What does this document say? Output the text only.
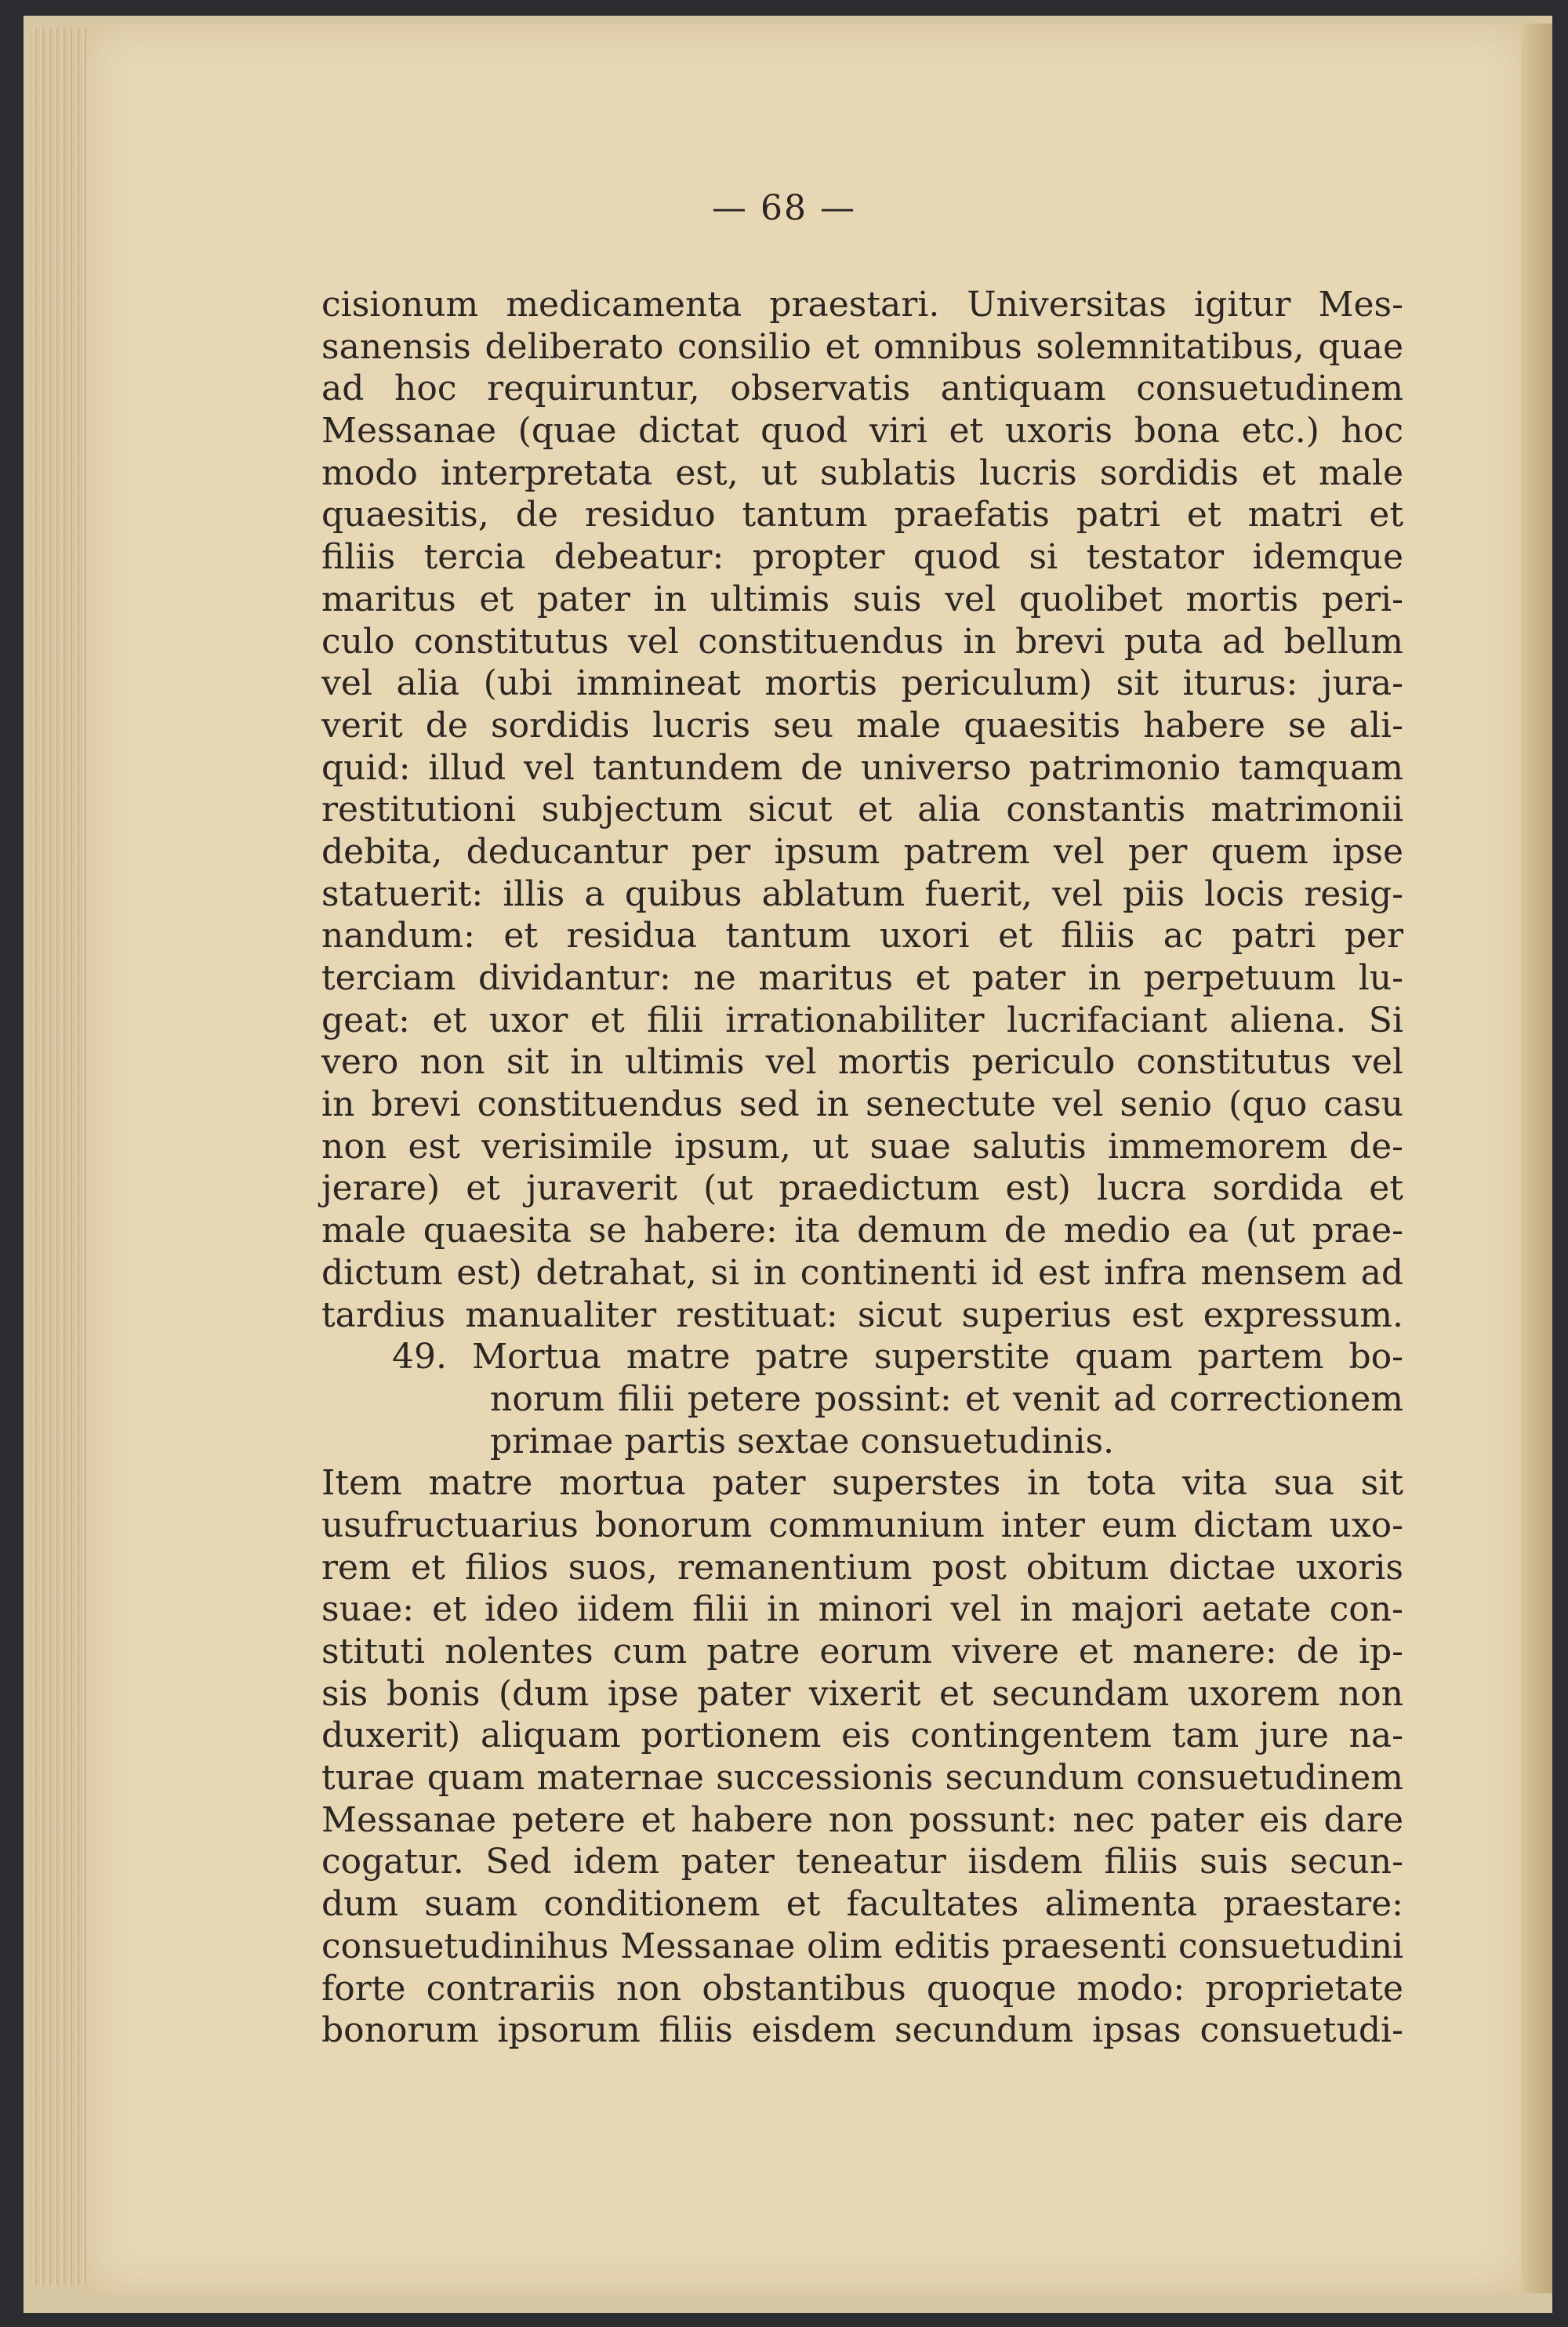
— 68 —
cisionum medicamenta praestari. Universitas igitur Mes-
sanensis deliberato consilio et omnibus solemnitatibus, quae
ad hoc requiruntur, observatis antiquam consuetudinem
Messanae (quae dictat quod viri et uxoris bona etc.) hoc
modo interpretata est, ut sublatis lucris sordidis et male
quaesitis, de residuo tantum praefatis patri et matri et
filiis tercia debeatur: propter quod si testator idemque
maritus et pater in ultimis suis vel quolibet mortis peri-
culo constitutus vel constituendus in brevi puta ad bellum
vel alia (ubi immineat mortis periculum) sit iturus: jura-
verit de sordidis lucris seu male quaesitis habere se ali-
quid: illud vel tantundem de universo patrimonio tamquam
restitutioni subjectum sicut et alia constantis matrimonii
debita, deducantur per ipsum patrem vel per quem ipse
statuerit: illis a quibus ablatum fuerit, vel piis locis resig-
nandum: et residua tantum uxori et filiis ac patri per
terciam dividantur: ne maritus et pater in perpetuum lu-
geat: et uxor et filii irrationabiliter lucrifaciant aliena. Si
vero non sit in ultimis vel mortis periculo constitutus vel
in brevi constituendus sed in senectute vel senio (quo casu
non est verisimile ipsum, ut suae salutis immemorem de-
jerare) et juraverit (ut praedictum est) lucra sordida et
male quaesita se habere: ita demum de medio ea (ut prae-
dictum est) detrahat, si in continenti id est infra mensem ad
tardius manualiter restituat: sicut superius est expressum.
49. Mortua matre patre superstite quam partem bo-
norum filii petere possint: et venit ad correctionem
primae partis sextae consuetudinis.
Item matre mortua pater superstes in tota vita sua sit
usufructuarius bonorum communium inter eum dictam uxo-
rem et filios suos, remanentium post obitum dictae uxoris
suae: et ideo iidem filii in minori vel in majori aetate con-
stituti nolentes cum patre eorum vivere et manere: de ip-
sis bonis (dum ipse pater vixerit et secundam uxorem non
duxerit) aliquam portionem eis contingentem tam jure na-
turae quam maternae successionis secundum consuetudinem
Messanae petere et habere non possunt: nec pater eis dare
cogatur. Sed idem pater teneatur iisdem filiis suis secun-
dum suam conditionem et facultates alimenta praestare:
consuetudinihus Messanae olim editis praesenti consuetudini
forte contrariis non obstantibus quoque modo: proprietate
bonorum ipsorum filiis eisdem secundum ipsas consuetudi-
